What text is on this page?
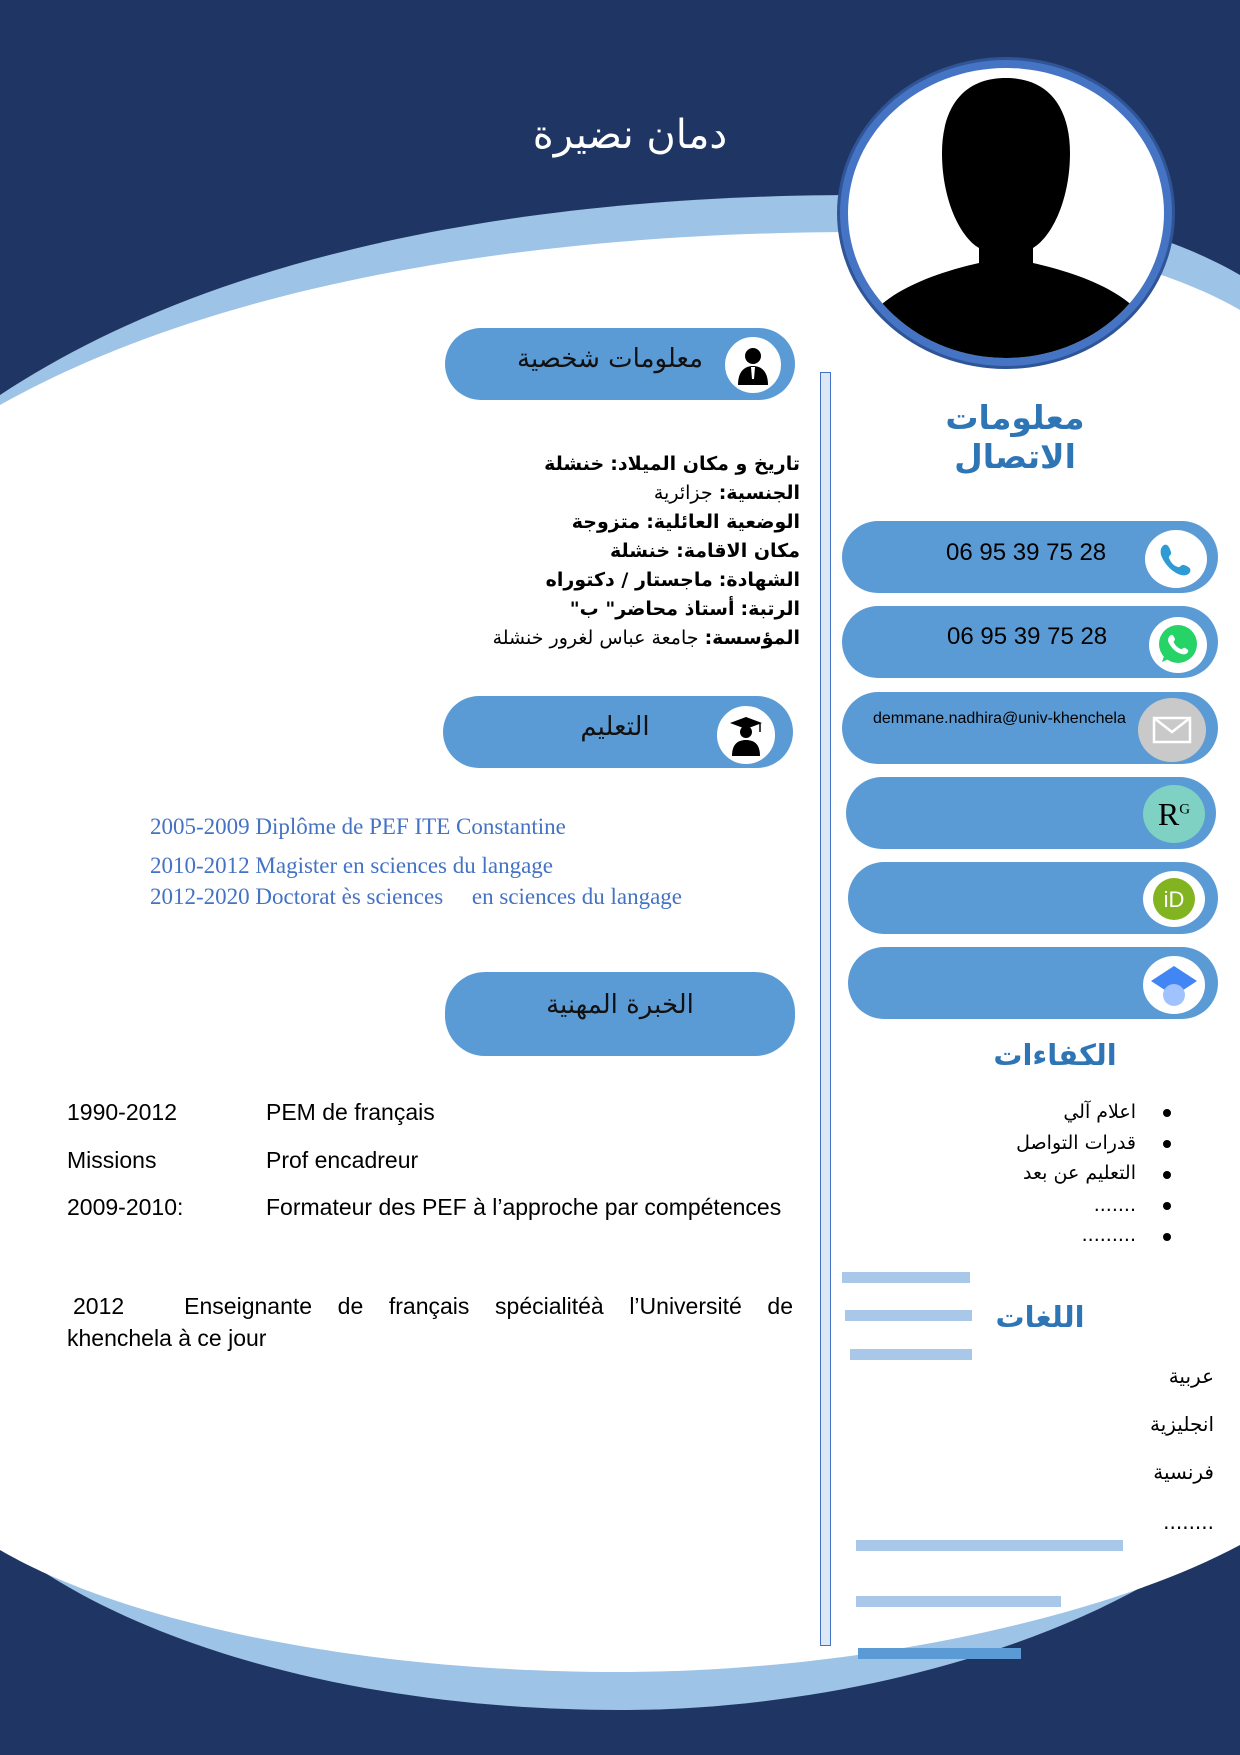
دمان نضيرة
معلومات شخصية
تاريخ و مكان الميلاد: خنشلة
الجنسية: جزائرية
الوضعية العائلية: متزوجة
مكان الاقامة: خنشلة
الشهادة: ماجستار / دكتوراه
الرتبة: أستاذ محاضر" ب"
المؤسسة: جامعة عباس لغرور خنشلة
التعليم
2005-2009 Diplôme de PEF ITE Constantine
2010-2012 Magister en sciences du langage
2012-2020 Doctorat ès sciences     en sciences du langage
الخبرة المهنية
1990-2012	PEM de français
Missions	Prof encadreur
2009-2010:	Formateur des PEF à l’approche par compétences
2012	Enseignante de français spécialitéà l’Université de khenchela à ce jour
معلومات الاتصال
06 95 39 75 28
06 95 39 75 28
demmane.nadhira@univ-khenchela
$R^G$
iD
الكفاءات
اعلام آلي
قدرات التواصل
التعليم عن بعد
.......
.........
اللغات
عربية
انجليزية
فرنسية
........
